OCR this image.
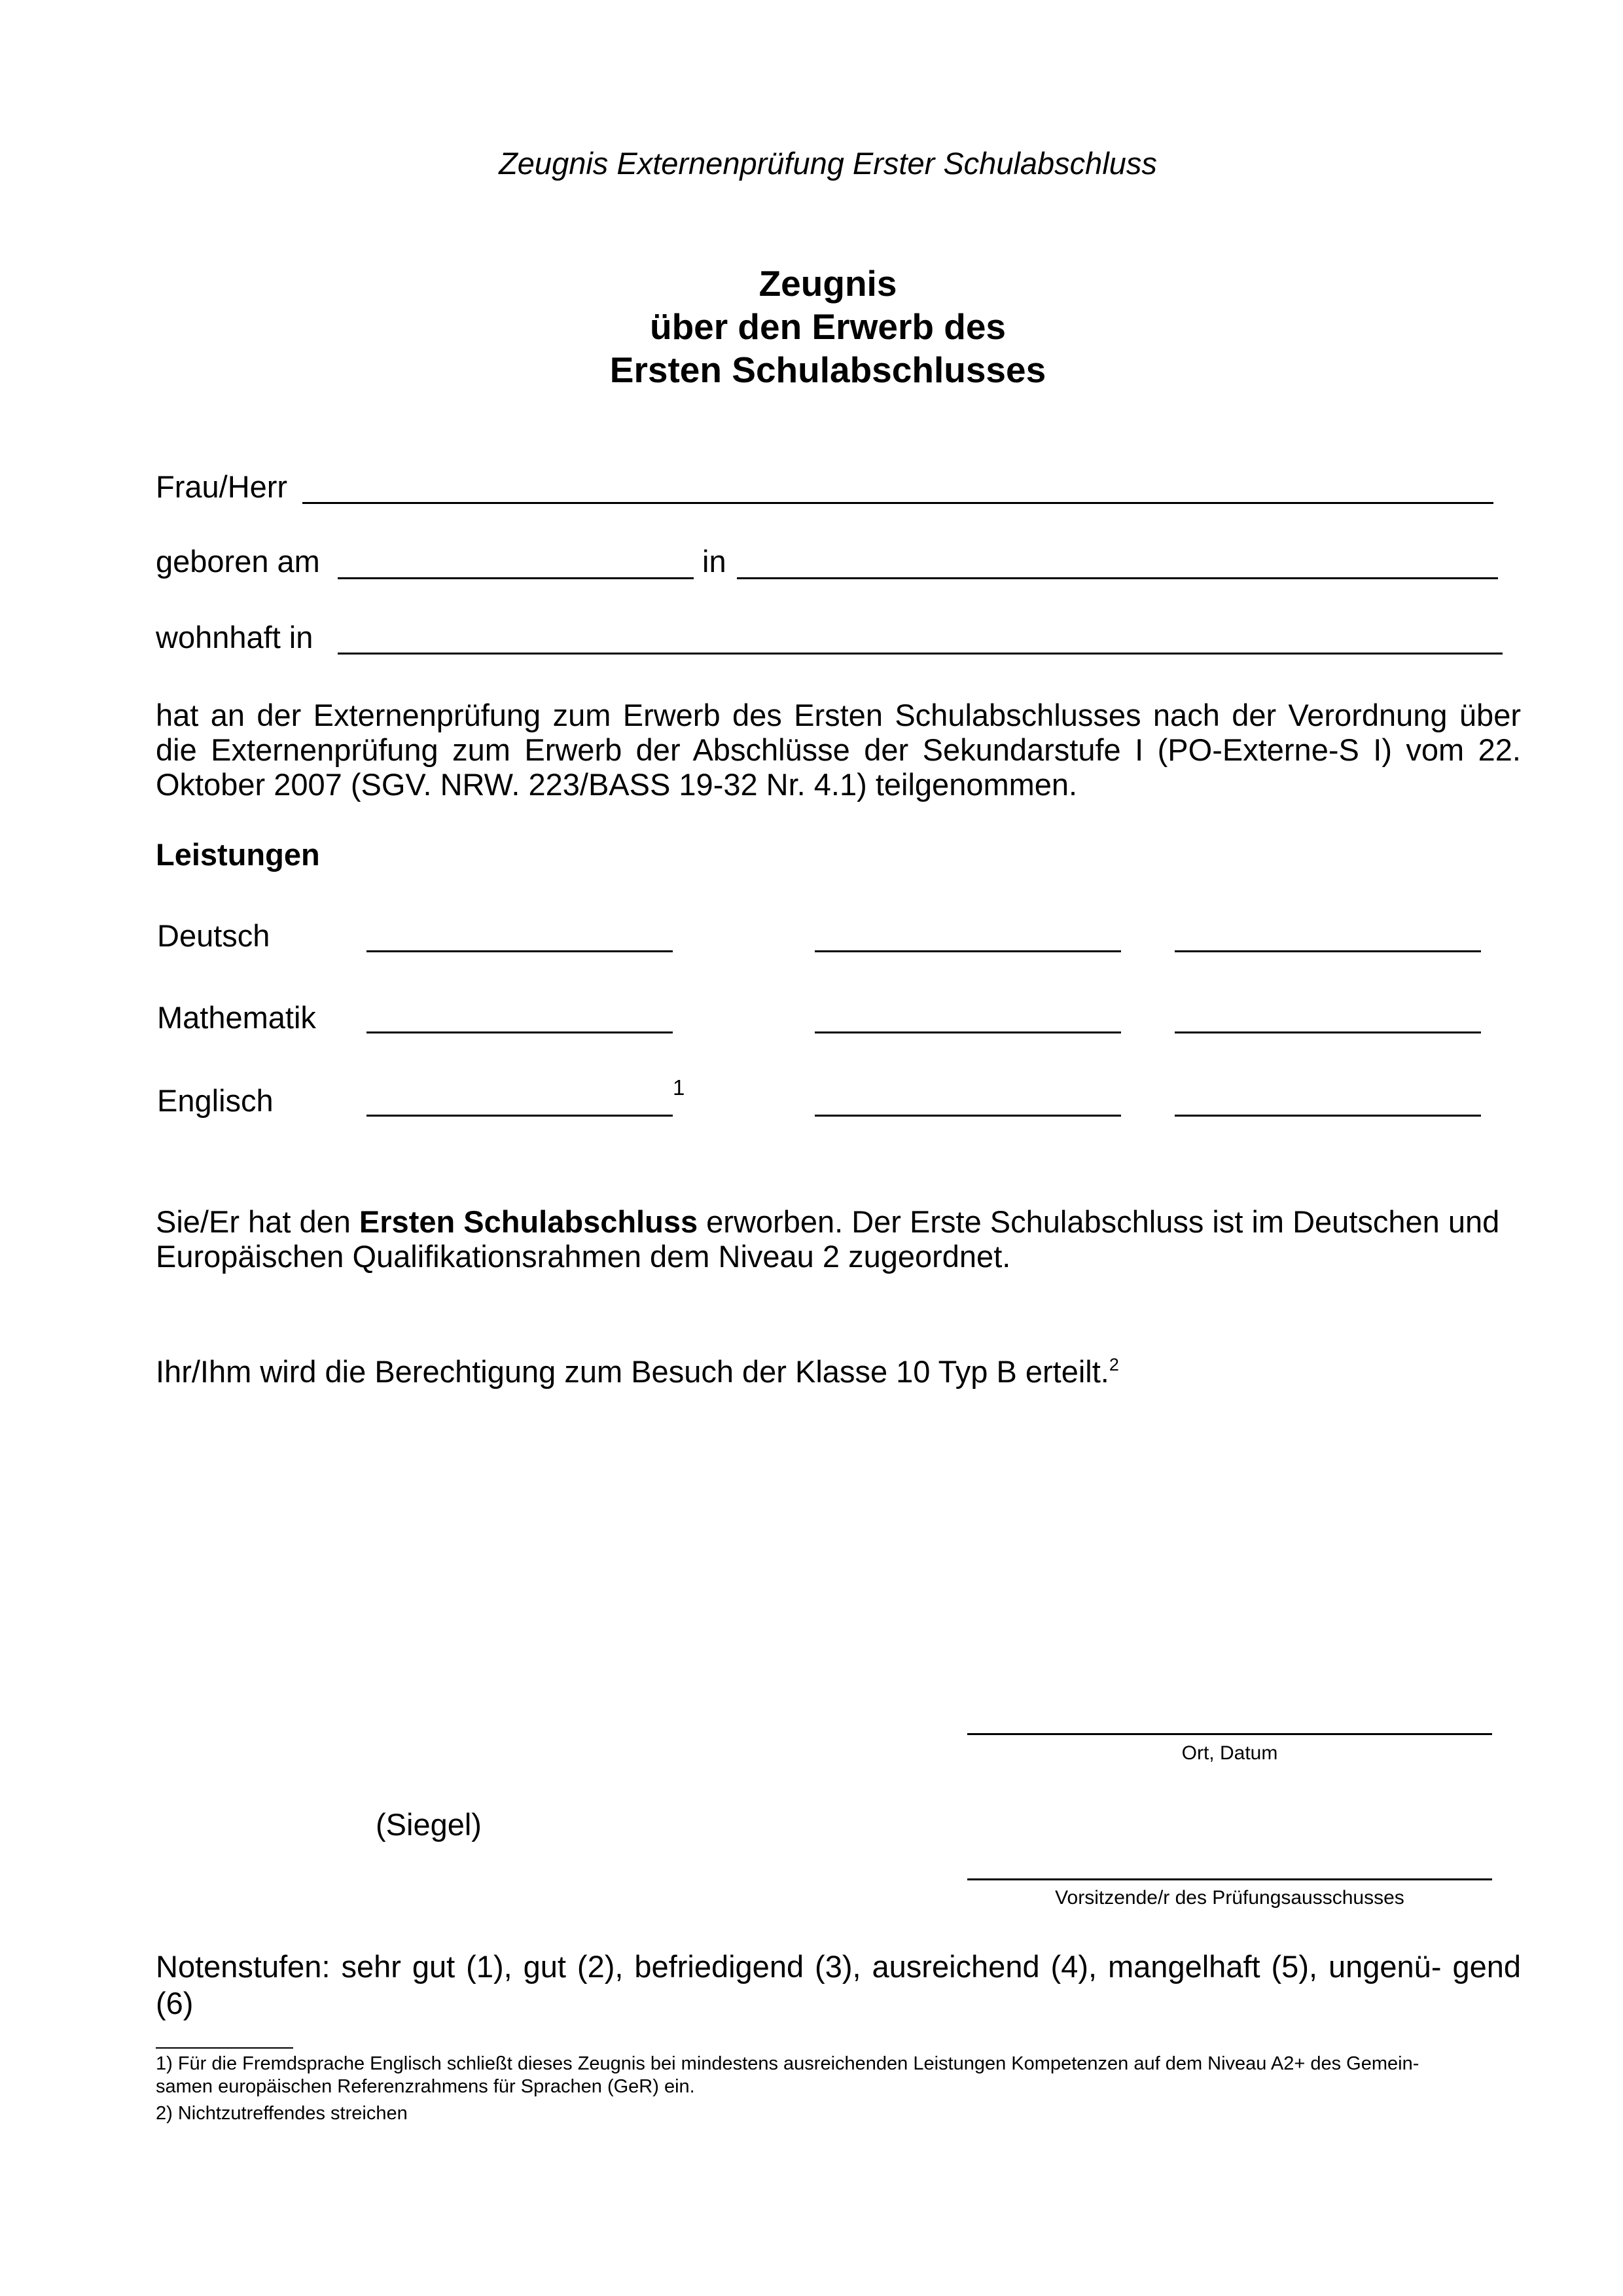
Zeugnis Externenprüfung Erster Schulabschluss
Zeugnis
über den Erwerb des
Ersten Schulabschlusses
Frau/Herr
geboren am	in
wohnhaft in
hat an der Externenprüfung zum Erwerb des Ersten Schulabschlusses nach der Verordnung über die Externenprüfung zum Erwerb der Abschlüsse der Sekundarstufe I (PO-Externe-S I) vom 22. Oktober 2007 (SGV. NRW. 223/BASS 19-32 Nr. 4.1) teilgenommen.
Leistungen
Deutsch
Mathematik
Englisch	1
Sie/Er hat den Ersten Schulabschluss erworben. Der Erste Schulabschluss ist im Deutschen und Europäischen Qualifikationsrahmen dem Niveau 2 zugeordnet.
Ihr/Ihm wird die Berechtigung zum Besuch der Klasse 10 Typ B erteilt.$^2$
Ort, Datum
(Siegel)
Vorsitzende/r des Prüfungsausschusses
Notenstufen: sehr gut (1), gut (2), befriedigend (3), ausreichend (4), mangelhaft (5), ungenü- gend (6)
1) Für die Fremdsprache Englisch schließt dieses Zeugnis bei mindestens ausreichenden Leistungen Kompetenzen auf dem Niveau A2+ des Gemein- samen europäischen Referenzrahmens für Sprachen (GeR) ein.
2) Nichtzutreffendes streichen
